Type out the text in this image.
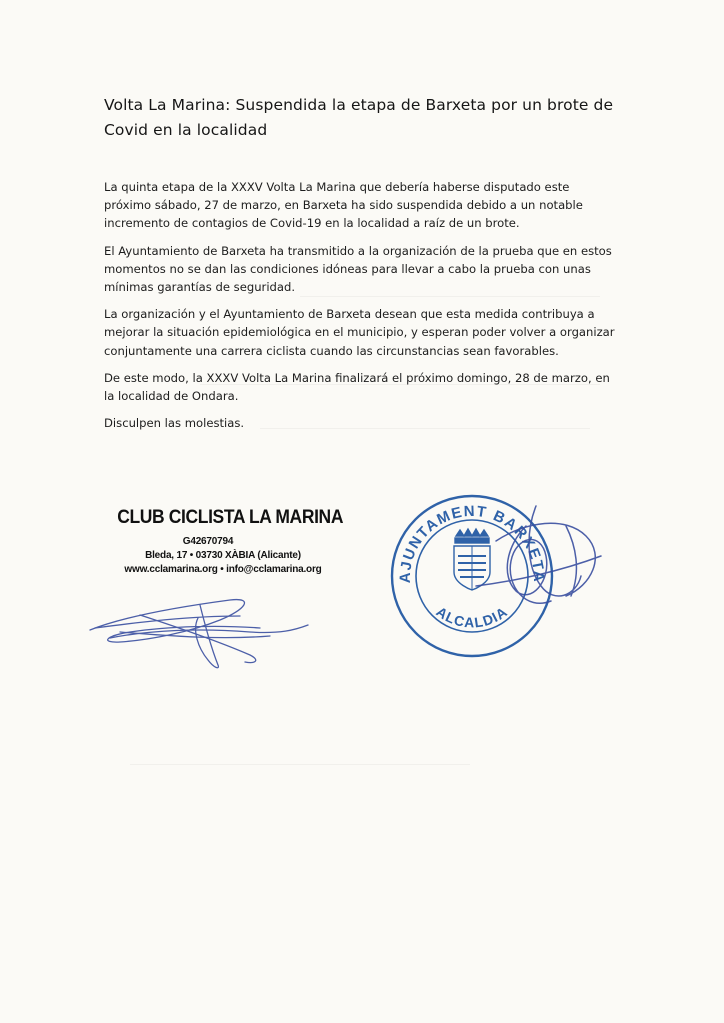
Volta La Marina: Suspendida la etapa de Barxeta por un brote de Covid en la localidad

La quinta etapa de la XXXV Volta La Marina que debería haberse disputado este próximo sábado, 27 de marzo, en Barxeta ha sido suspendida debido a un notable incremento de contagios de Covid-19 en la localidad a raíz de un brote.

El Ayuntamiento de Barxeta ha transmitido a la organización de la prueba que en estos momentos no se dan las condiciones idóneas para llevar a cabo la prueba con unas mínimas garantías de seguridad.

La organización y el Ayuntamiento de Barxeta desean que esta medida contribuya a mejorar la situación epidemiológica en el municipio, y esperan poder volver a organizar conjuntamente una carrera ciclista cuando las circunstancias sean favorables.

De este modo, la XXXV Volta La Marina finalizará el próximo domingo, 28 de marzo, en la localidad de Ondara.

Disculpen las molestias.

CLUB CICLISTA LA MARINA
G42670794
Bleda, 17 • 03730 XÀBIA (Alicante)
www.cclamarina.org • info@cclamarina.org
AJUNTAMENT BARXETA
ALCALDIA
